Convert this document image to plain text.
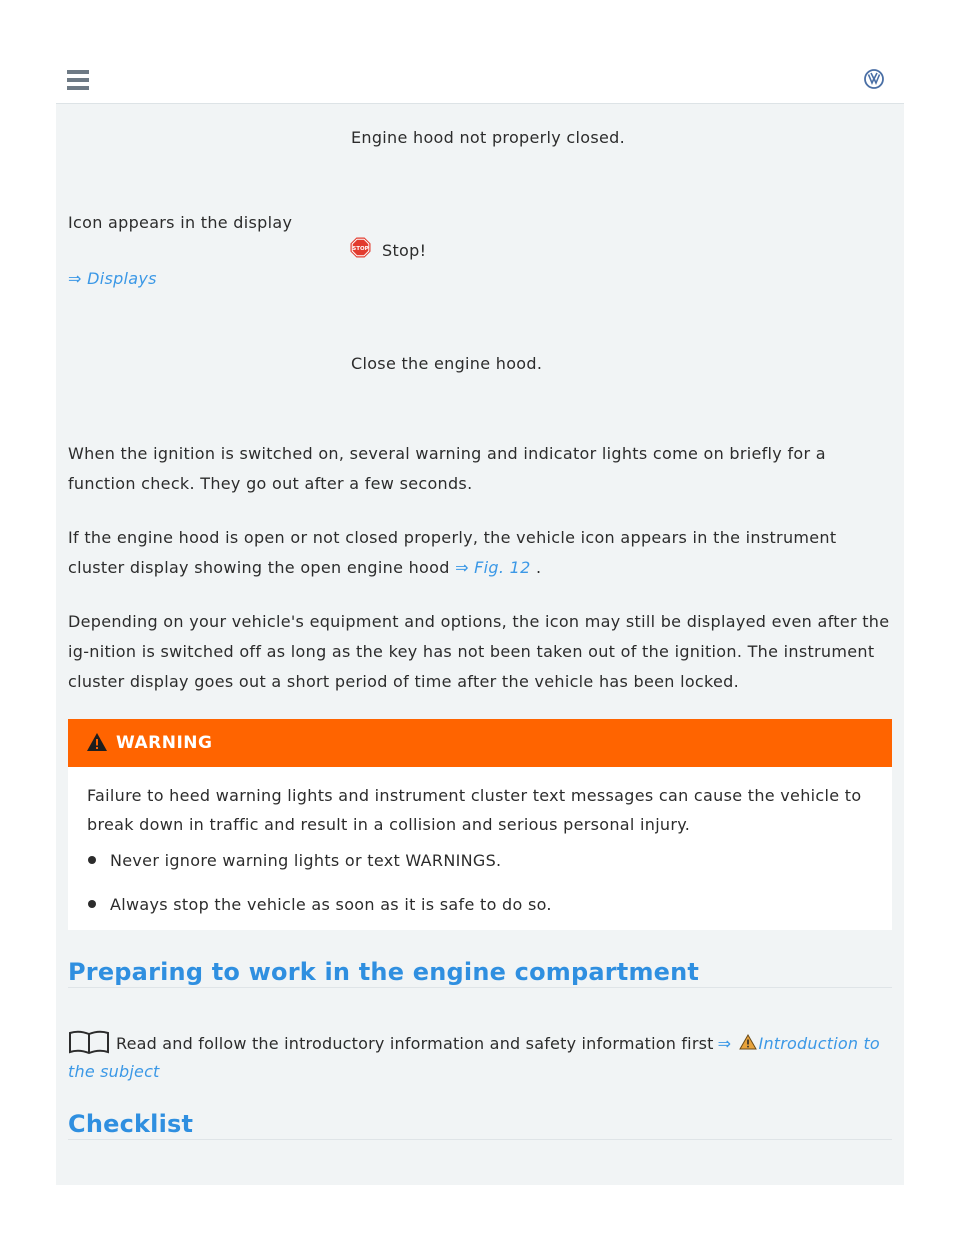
Engine hood not properly closed.
Icon appears in the display
⇒ Displays
STOP Stop!
Close the engine hood.
When the ignition is switched on, several warning and indicator lights come on briefly for a function check. They go out after a few seconds.
If the engine hood is open or not closed properly, the vehicle icon appears in the instrument cluster display showing the open engine hood ⇒ Fig. 12 .
Depending on your vehicle's equipment and options, the icon may still be displayed even after the ig-nition is switched off as long as the key has not been taken out of the ignition. The instrument cluster display goes out a short period of time after the vehicle has been locked.
WARNING
Failure to heed warning lights and instrument cluster text messages can cause the vehicle to break down in traffic and result in a collision and serious personal injury.
Never ignore warning lights or text WARNINGS.
Always stop the vehicle as soon as it is safe to do so.
Preparing to work in the engine compartment
Read and follow the introductory information and safety information first ⇒ Introduction to the subject
Checklist
